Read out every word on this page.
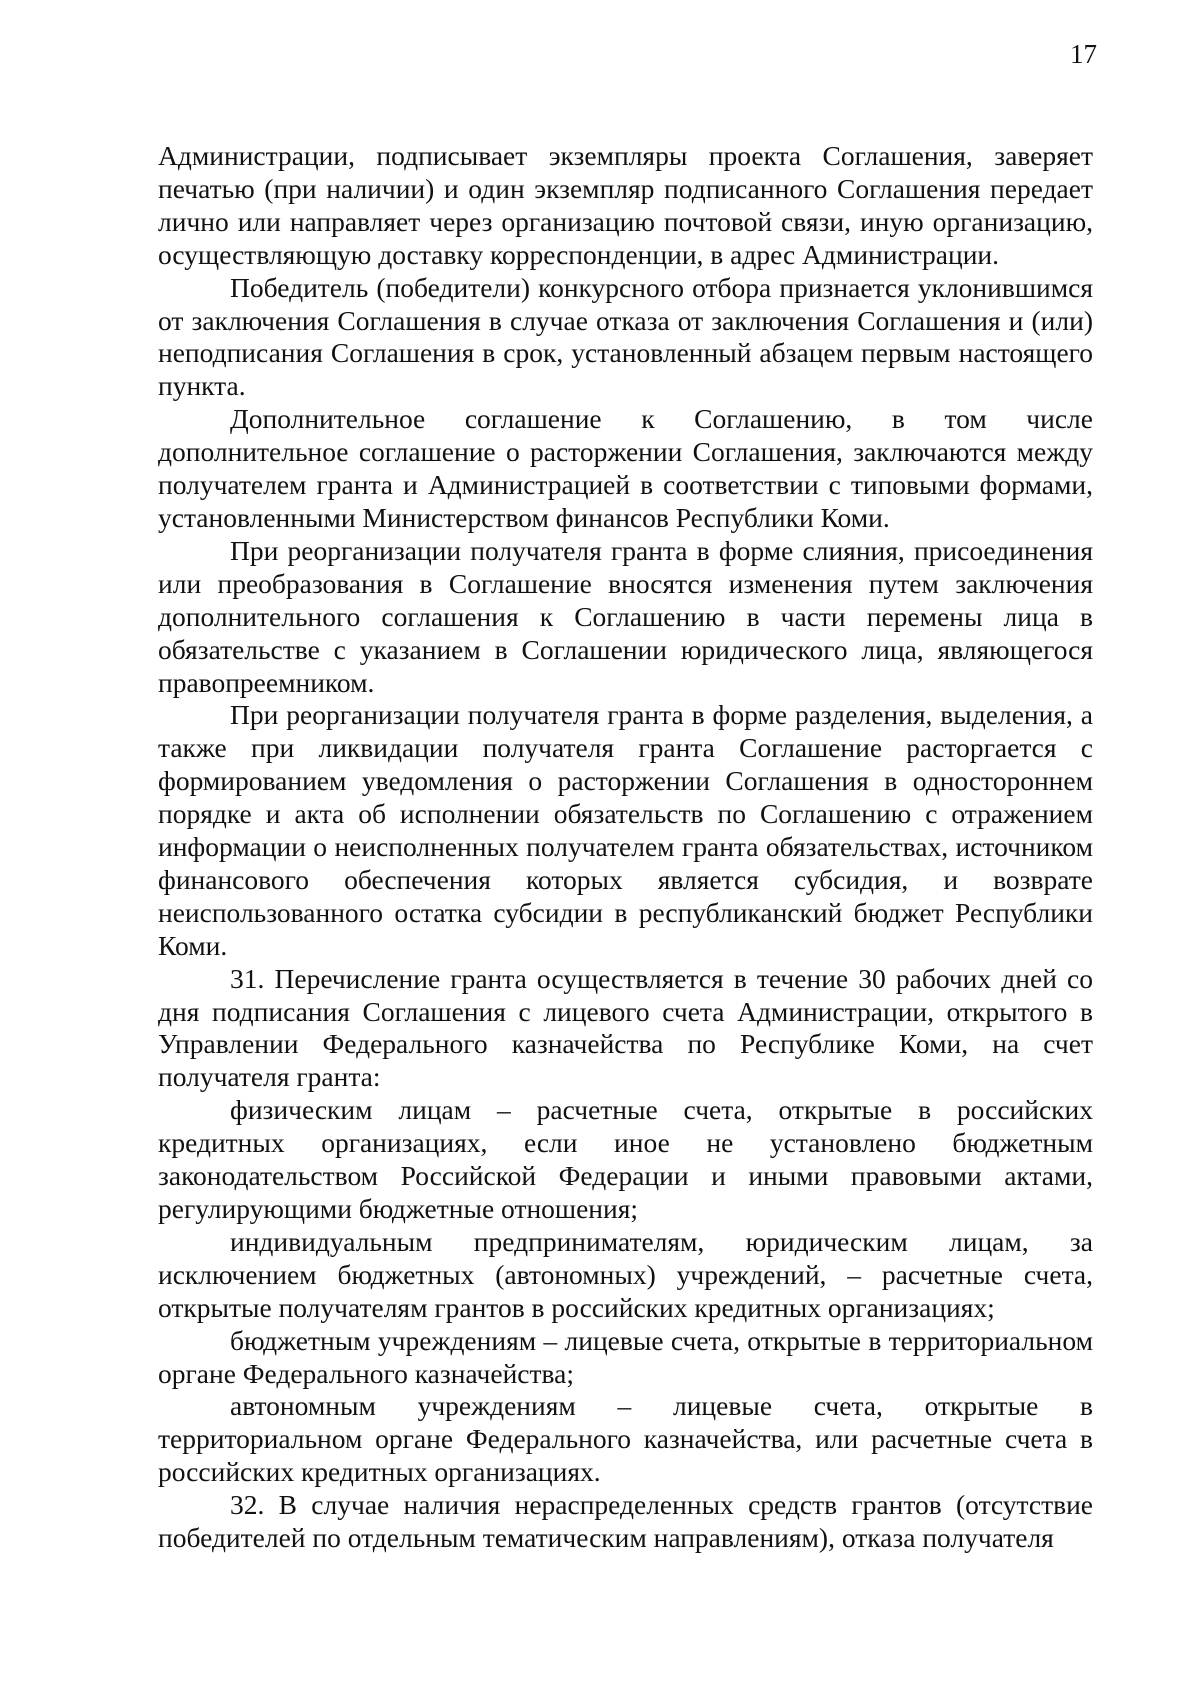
17

Администрации, подписывает экземпляры проекта Соглашения, заверяет печатью (при наличии) и один экземпляр подписанного Соглашения передает лично или направляет через организацию почтовой связи, иную организацию, осуществляющую доставку корреспонденции, в адрес Администрации.

Победитель (победители) конкурсного отбора признается уклонившимся от заключения Соглашения в случае отказа от заключения Соглашения и (или) неподписания Соглашения в срок, установленный абзацем первым настоящего пункта.

Дополнительное соглашение к Соглашению, в том числе дополнительное соглашение о расторжении Соглашения, заключаются между получателем гранта и Администрацией в соответствии с типовыми формами, установленными Министерством финансов Республики Коми.

При реорганизации получателя гранта в форме слияния, присоединения или преобразования в Соглашение вносятся изменения путем заключения дополнительного соглашения к Соглашению в части перемены лица в обязательстве с указанием в Соглашении юридического лица, являющегося правопреемником.

При реорганизации получателя гранта в форме разделения, выделения, а также при ликвидации получателя гранта Соглашение расторгается с формированием уведомления о расторжении Соглашения в одностороннем порядке и акта об исполнении обязательств по Соглашению с отражением информации о неисполненных получателем гранта обязательствах, источником финансового обеспечения которых является субсидия, и возврате неиспользованного остатка субсидии в республиканский бюджет Республики Коми.

31. Перечисление гранта осуществляется в течение 30 рабочих дней со дня подписания Соглашения с лицевого счета Администрации, открытого в Управлении Федерального казначейства по Республике Коми, на счет получателя гранта:

физическим лицам – расчетные счета, открытые в российских кредитных организациях, если иное не установлено бюджетным законодательством Российской Федерации и иными правовыми актами, регулирующими бюджетные отношения;

индивидуальным предпринимателям, юридическим лицам, за исключением бюджетных (автономных) учреждений, – расчетные счета, открытые получателям грантов в российских кредитных организациях;

бюджетным учреждениям – лицевые счета, открытые в территориальном органе Федерального казначейства;

автономным учреждениям – лицевые счета, открытые в территориальном органе Федерального казначейства, или расчетные счета в российских кредитных организациях.

32. В случае наличия нераспределенных средств грантов (отсутствие победителей по отдельным тематическим направлениям), отказа получателя
